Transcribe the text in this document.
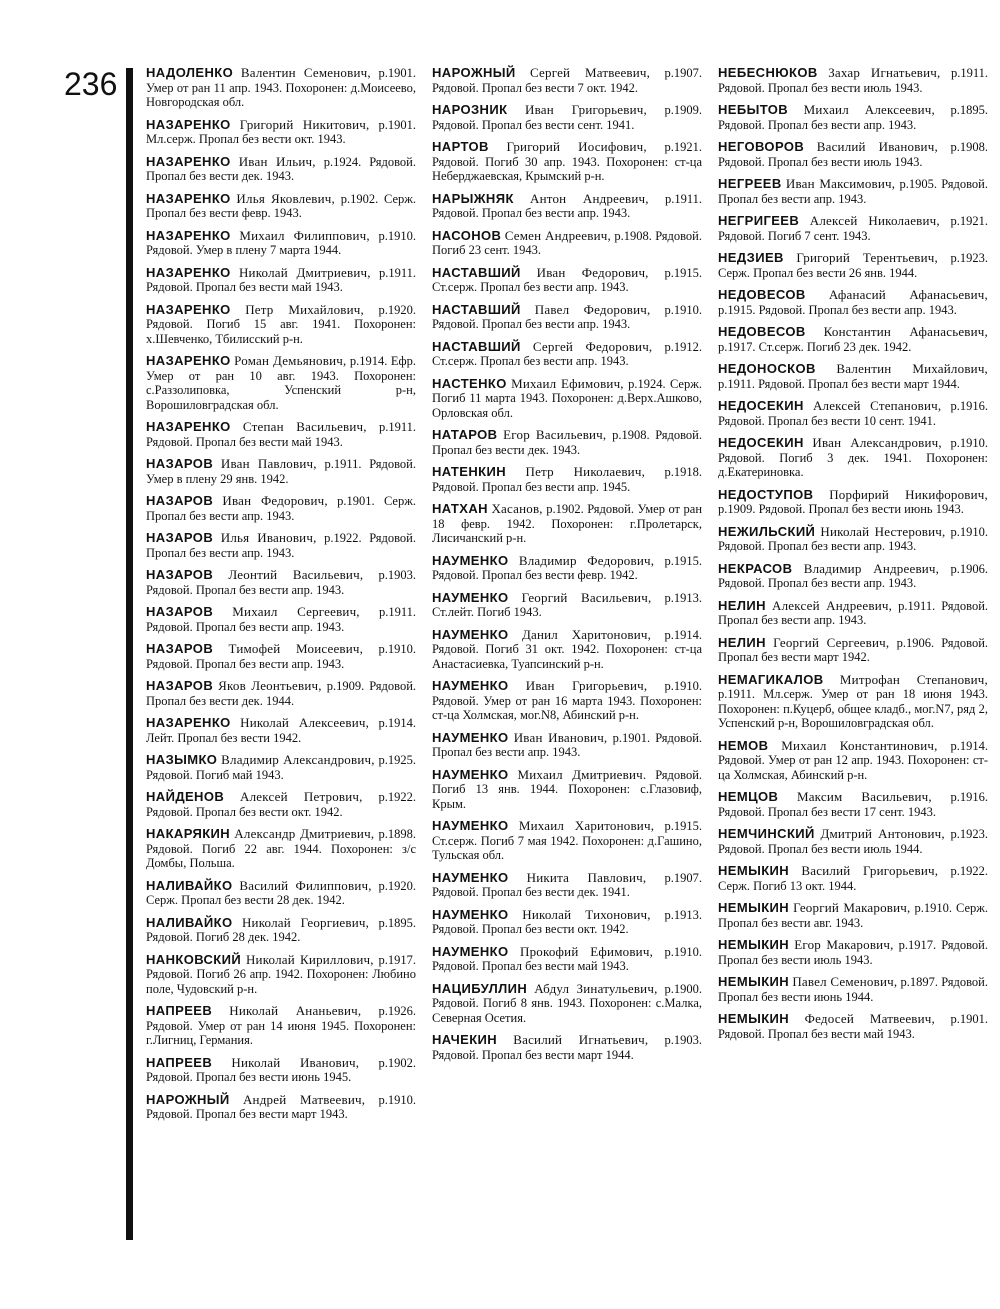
236 НАДОЛЕНКО Валентин Семенович, р.1901. Умер от ран 11 апр. 1943. Похоронен: д.Моисеево, Новгородская обл.

НАЗАРЕНКО Григорий Никитович, р.1901. Мл.серж. Пропал без вести окт. 1943.

НАЗАРЕНКО Иван Ильич, р.1924. Рядовой. Пропал без вести дек. 1943.

НАЗАРЕНКО Илья Яковлевич, р.1902. Серж. Пропал без вести февр. 1943.

НАЗАРЕНКО Михаил Филиппович, р.1910. Рядовой. Умер в плену 7 марта 1944.

НАЗАРЕНКО Николай Дмитриевич, р.1911. Рядовой. Пропал без вести май 1943.

НАЗАРЕНКО Петр Михайлович, р.1920. Рядовой. Погиб 15 авг. 1941. Похоронен: х.Шевченко, Тбилисский р-н.

НАЗАРЕНКО Роман Демьянович, р.1914. Ефр. Умер от ран 10 авг. 1943. Похоронен: с.Раззолиповка, Успенский р-н, Ворошиловградская обл.

НАЗАРЕНКО Степан Васильевич, р.1911. Рядовой. Пропал без вести май 1943.

НАЗАРОВ Иван Павлович, р.1911. Рядовой. Умер в плену 29 янв. 1942.

НАЗАРОВ Иван Федорович, р.1901. Серж. Пропал без вести апр. 1943.

НАЗАРОВ Илья Иванович, р.1922. Рядовой. Пропал без вести апр. 1943.

НАЗАРОВ Леонтий Васильевич, р.1903. Рядовой. Пропал без вести апр. 1943.

НАЗАРОВ Михаил Сергеевич, р.1911. Рядовой. Пропал без вести апр. 1943.

НАЗАРОВ Тимофей Моисеевич, р.1910. Рядовой. Пропал без вести апр. 1943.

НАЗАРОВ Яков Леонтьевич, р.1909. Рядовой. Пропал без вести дек. 1944.

НАЗАРЕНКО Николай Алексеевич, р.1914. Лейт. Пропал без вести 1942.

НАЗЫМКО Владимир Александрович, р.1925. Рядовой. Погиб май 1943.

НАЙДЕНОВ Алексей Петрович, р.1922. Рядовой. Пропал без вести окт. 1942.

НАКАРЯКИН Александр Дмитриевич, р.1898. Рядовой. Погиб 22 авг. 1944. Похоронен: з/с Домбы, Польша.

НАЛИВАЙКО Василий Филиппович, р.1920. Серж. Пропал без вести 28 дек. 1942.

НАЛИВАЙКО Николай Георгиевич, р.1895. Рядовой. Погиб 28 дек. 1942.

НАНКОВСКИЙ Николай Кириллович, р.1917. Рядовой. Погиб 26 апр. 1942. Похоронен: Любино поле, Чудовский р-н.

НАПРЕЕВ Николай Ананьевич, р.1926. Рядовой. Умер от ран 14 июня 1945. Похоронен: г.Лигниц, Германия.

НАПРЕЕВ Николай Иванович, р.1902. Рядовой. Пропал без вести июнь 1945.

НАРОЖНЫЙ Андрей Матвеевич, р.1910. Рядовой. Пропал без вести март 1943.

НАРОЖНЫЙ Сергей Матвеевич, р.1907. Рядовой. Пропал без вести 7 окт. 1942.

НАРОЗНИК Иван Григорьевич, р.1909. Рядовой. Пропал без вести сент. 1941.

НАРТОВ Григорий Иосифович, р.1921. Рядовой. Погиб 30 апр. 1943. Похоронен: ст-ца Неберджаевская, Крымский р-н.

НАРЫЖНЯК Антон Андреевич, р.1911. Рядовой. Пропал без вести апр. 1943.

НАСОНОВ Семен Андреевич, р.1908. Рядовой. Погиб 23 сент. 1943.

НАСТАВШИЙ Иван Федорович, р.1915. Ст.серж. Пропал без вести апр. 1943.

НАСТАВШИЙ Павел Федорович, р.1910. Рядовой. Пропал без вести апр. 1943.

НАСТАВШИЙ Сергей Федорович, р.1912. Ст.серж. Пропал без вести апр. 1943.

НАСТЕНКО Михаил Ефимович, р.1924. Серж. Погиб 11 марта 1943. Похоронен: д.Верх.Ашково, Орловская обл.

НАТАРОВ Егор Васильевич, р.1908. Рядовой. Пропал без вести дек. 1943.

НАТЕНКИН Петр Николаевич, р.1918. Рядовой. Пропал без вести апр. 1945.

НАТХАН Хасанов, р.1902. Рядовой. Умер от ран 18 февр. 1942. Похоронен: г.Пролетарск, Лисичанский р-н.

НАУМЕНКО Владимир Федорович, р.1915. Рядовой. Пропал без вести февр. 1942.

НАУМЕНКО Георгий Васильевич, р.1913. Ст.лейт. Погиб 1943.

НАУМЕНКО Данил Харитонович, р.1914. Рядовой. Погиб 31 окт. 1942. Похоронен: ст-ца Анастасиевка, Туапсинский р-н.

НАУМЕНКО Иван Григорьевич, р.1910. Рядовой. Умер от ран 16 марта 1943. Похоронен: ст-ца Холмская, мог.N8, Абинский р-н.

НАУМЕНКО Иван Иванович, р.1901. Рядовой. Пропал без вести апр. 1943.

НАУМЕНКО Михаил Дмитриевич. Рядовой. Погиб 13 янв. 1944. Похоронен: с.Глазовиф, Крым.

НАУМЕНКО Михаил Харитонович, р.1915. Ст.серж. Погиб 7 мая 1942. Похоронен: д.Гашино, Тульская обл.

НАУМЕНКО Никита Павлович, р.1907. Рядовой. Пропал без вести дек. 1941.

НАУМЕНКО Николай Тихонович, р.1913. Рядовой. Пропал без вести окт. 1942.

НАУМЕНКО Прокофий Ефимович, р.1910. Рядовой. Пропал без вести май 1943.

НАЦИБУЛЛИН Абдул Зинатульевич, р.1900. Рядовой. Погиб 8 янв. 1943. Похоронен: с.Малка, Северная Осетия.

НАЧЕКИН Василий Игнатьевич, р.1903. Рядовой. Пропал без вести март 1944.

НЕБЕСНЮКОВ Захар Игнатьевич, р.1911. Рядовой. Пропал без вести июль 1943.

НЕБЫТОВ Михаил Алексеевич, р.1895. Рядовой. Пропал без вести апр. 1943.

НЕГОВОРОВ Василий Иванович, р.1908. Рядовой. Пропал без вести июль 1943.

НЕГРЕЕВ Иван Максимович, р.1905. Рядовой. Пропал без вести апр. 1943.

НЕГРИГЕЕВ Алексей Николаевич, р.1921. Рядовой. Погиб 7 сент. 1943.

НЕДЗИЕВ Григорий Терентьевич, р.1923. Серж. Пропал без вести 26 янв. 1944.

НЕДОВЕСОВ Афанасий Афанасьевич, р.1915. Рядовой. Пропал без вести апр. 1943.

НЕДОВЕСОВ Константин Афанасьевич, р.1917. Ст.серж. Погиб 23 дек. 1942.

НЕДОНОСКОВ Валентин Михайлович, р.1911. Рядовой. Пропал без вести март 1944.

НЕДОСЕКИН Алексей Степанович, р.1916. Рядовой. Пропал без вести 10 сент. 1941.

НЕДОСЕКИН Иван Александрович, р.1910. Рядовой. Погиб 3 дек. 1941. Похоронен: д.Екатериновка.

НЕДОСТУПОВ Порфирий Никифорович, р.1909. Рядовой. Пропал без вести июнь 1943.

НЕЖИЛЬСКИЙ Николай Нестерович, р.1910. Рядовой. Пропал без вести апр. 1943.

НЕКРАСОВ Владимир Андреевич, р.1906. Рядовой. Пропал без вести апр. 1943.

НЕЛИН Алексей Андреевич, р.1911. Рядовой. Пропал без вести апр. 1943.

НЕЛИН Георгий Сергеевич, р.1906. Рядовой. Пропал без вести март 1942.

НЕМАГИКАЛОВ Митрофан Степанович, р.1911. Мл.серж. Умер от ран 18 июня 1943. Похоронен: п.Куцерб, общее кладб., мог.N7, ряд 2, Успенский р-н, Ворошиловградская обл.

НЕМОВ Михаил Константинович, р.1914. Рядовой. Умер от ран 12 апр. 1943. Похоронен: ст-ца Холмская, Абинский р-н.

НЕМЦОВ Максим Васильевич, р.1916. Рядовой. Пропал без вести 17 сент. 1943.

НЕМЧИНСКИЙ Дмитрий Антонович, р.1923. Рядовой. Пропал без вести июль 1944.

НЕМЫКИН Василий Григорьевич, р.1922. Серж. Погиб 13 окт. 1944.

НЕМЫКИН Георгий Макарович, р.1910. Серж. Пропал без вести авг. 1943.

НЕМЫКИН Егор Макарович, р.1917. Рядовой. Пропал без вести июль 1943.

НЕМЫКИН Павел Семенович, р.1897. Рядовой. Пропал без вести июнь 1944.

НЕМЫКИН Федосей Матвеевич, р.1901. Рядовой. Пропал без вести май 1943.
